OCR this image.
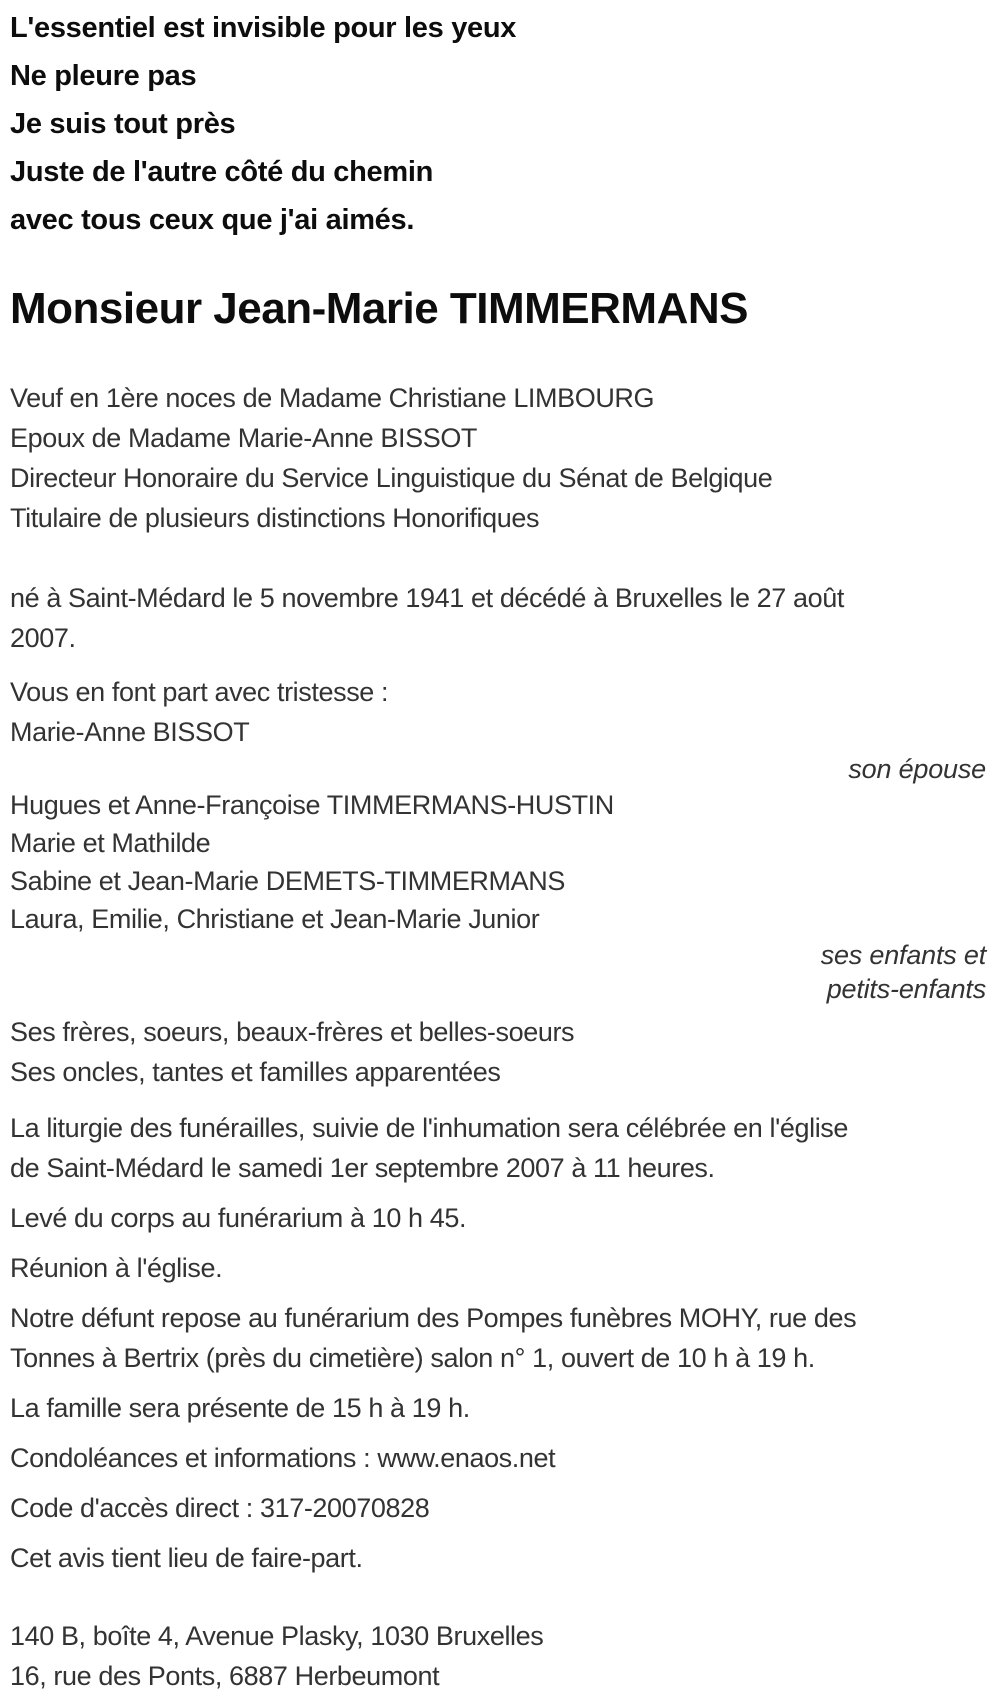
L'essentiel est invisible pour les yeux
Ne pleure pas
Je suis tout près
Juste de l'autre côté du chemin
avec tous ceux que j'ai aimés.
Monsieur Jean-Marie TIMMERMANS
Veuf en 1ère noces de Madame Christiane LIMBOURG
Epoux de Madame Marie-Anne BISSOT
Directeur Honoraire du Service Linguistique du Sénat de Belgique
Titulaire de plusieurs distinctions Honorifiques
né à Saint-Médard le 5 novembre 1941 et décédé à Bruxelles le 27 août
2007.
Vous en font part avec tristesse :
Marie-Anne BISSOT
son épouse
Hugues et Anne-Françoise TIMMERMANS-HUSTIN
Marie et Mathilde
Sabine et Jean-Marie DEMETS-TIMMERMANS
Laura, Emilie, Christiane et Jean-Marie Junior
ses enfants et
petits-enfants
Ses frères, soeurs, beaux-frères et belles-soeurs
Ses oncles, tantes et familles apparentées
La liturgie des funérailles, suivie de l'inhumation sera célébrée en l'église
de Saint-Médard le samedi 1er septembre 2007 à 11 heures.
Levé du corps au funérarium à 10 h 45.
Réunion à l'église.
Notre défunt repose au funérarium des Pompes funèbres MOHY, rue des
Tonnes à Bertrix (près du cimetière) salon n° 1, ouvert de 10 h à 19 h.
La famille sera présente de 15 h à 19 h.
Condoléances et informations : www.enaos.net
Code d'accès direct : 317-20070828
Cet avis tient lieu de faire-part.
140 B, boîte 4, Avenue Plasky, 1030 Bruxelles
16, rue des Ponts, 6887 Herbeumont
